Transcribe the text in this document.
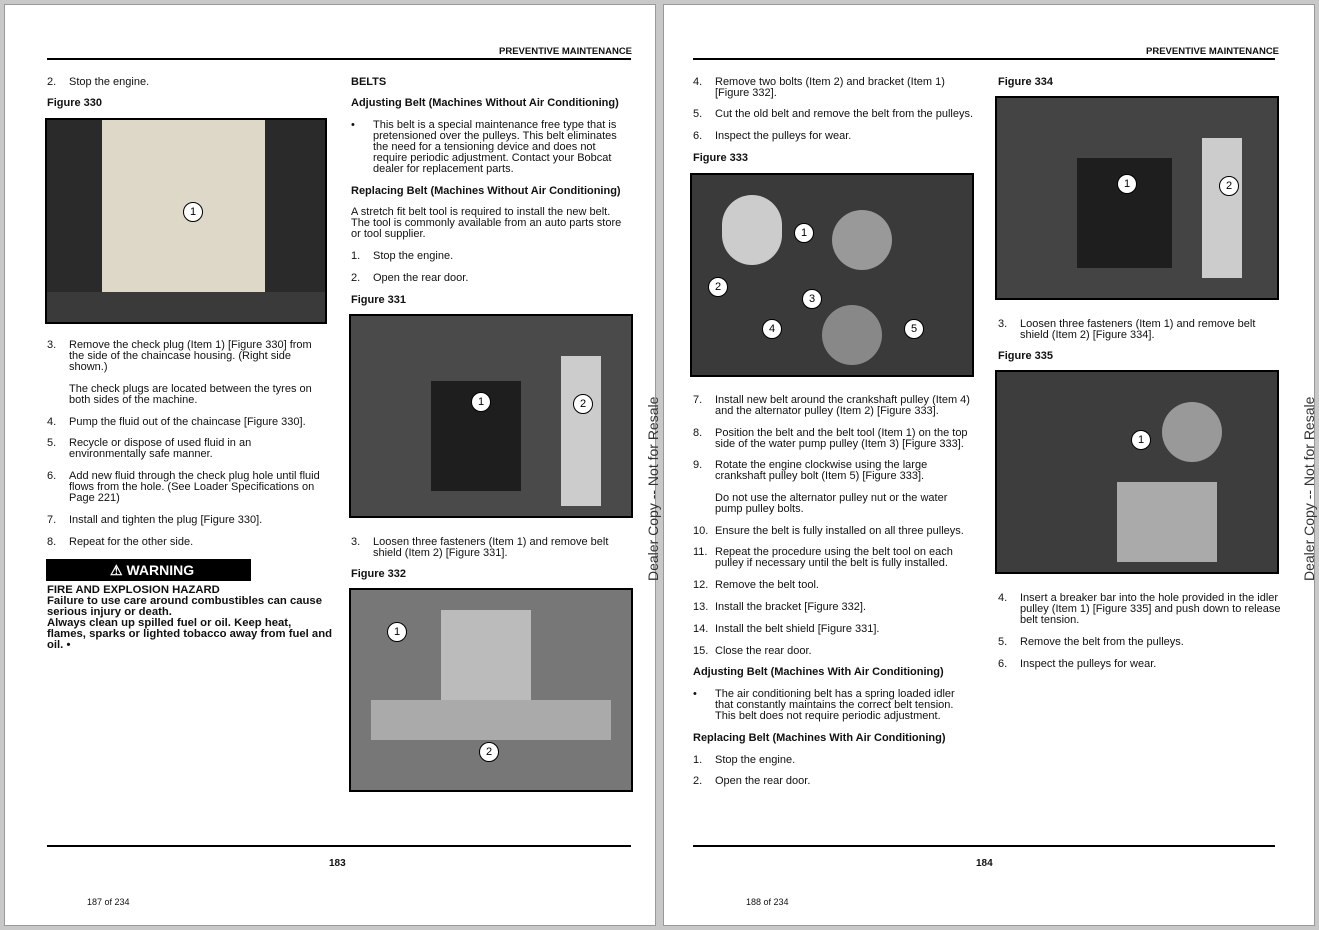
PREVENTIVE MAINTENANCE
2. Stop the engine.
Figure 330
1
3. Remove the check plug (Item 1) [Figure 330] from the side of the chaincase housing. (Right side shown.)
The check plugs are located between the tyres on both sides of the machine.
4. Pump the fluid out of the chaincase [Figure 330].
5. Recycle or dispose of used fluid in an environmentally safe manner.
6. Add new fluid through the check plug hole until fluid flows from the hole. (See Loader Specifications on Page 221)
7. Install and tighten the plug [Figure 330].
8. Repeat for the other side.
⚠ WARNING
FIRE AND EXPLOSION HAZARD
Failure to use care around combustibles can cause serious injury or death.
Always clean up spilled fuel or oil. Keep heat, flames, sparks or lighted tobacco away from fuel and oil. •
BELTS
Adjusting Belt (Machines Without Air Conditioning)
• This belt is a special maintenance free type that is pretensioned over the pulleys. This belt eliminates the need for a tensioning device and does not require periodic adjustment. Contact your Bobcat dealer for replacement parts.
Replacing Belt (Machines Without Air Conditioning)
A stretch fit belt tool is required to install the new belt. The tool is commonly available from an auto parts store or tool supplier.
1. Stop the engine.
2. Open the rear door.
Figure 331
1	2
3. Loosen three fasteners (Item 1) and remove belt shield (Item 2) [Figure 331].
Figure 332
1
2
183
187 of 234
Dealer Copy -- Not for Resale
PREVENTIVE MAINTENANCE
4. Remove two bolts (Item 2) and bracket (Item 1) [Figure 332].
5. Cut the old belt and remove the belt from the pulleys.
6. Inspect the pulleys for wear.
Figure 333
1
2
3
4	5
7. Install new belt around the crankshaft pulley (Item 4) and the alternator pulley (Item 2) [Figure 333].
8. Position the belt and the belt tool (Item 1) on the top side of the water pump pulley (Item 3) [Figure 333].
9. Rotate the engine clockwise using the large crankshaft pulley bolt (Item 5) [Figure 333].
Do not use the alternator pulley nut or the water pump pulley bolts.
10. Ensure the belt is fully installed on all three pulleys.
11. Repeat the procedure using the belt tool on each pulley if necessary until the belt is fully installed.
12. Remove the belt tool.
13. Install the bracket [Figure 332].
14. Install the belt shield [Figure 331].
15. Close the rear door.
Adjusting Belt (Machines With Air Conditioning)
• The air conditioning belt has a spring loaded idler that constantly maintains the correct belt tension. This belt does not require periodic adjustment.
Replacing Belt (Machines With Air Conditioning)
1. Stop the engine.
2. Open the rear door.
Figure 334
1	2
3. Loosen three fasteners (Item 1) and remove belt shield (Item 2) [Figure 334].
Figure 335
1
4. Insert a breaker bar into the hole provided in the idler pulley (Item 1) [Figure 335] and push down to release belt tension.
5. Remove the belt from the pulleys.
6. Inspect the pulleys for wear.
184
188 of 234
Dealer Copy -- Not for Resale
